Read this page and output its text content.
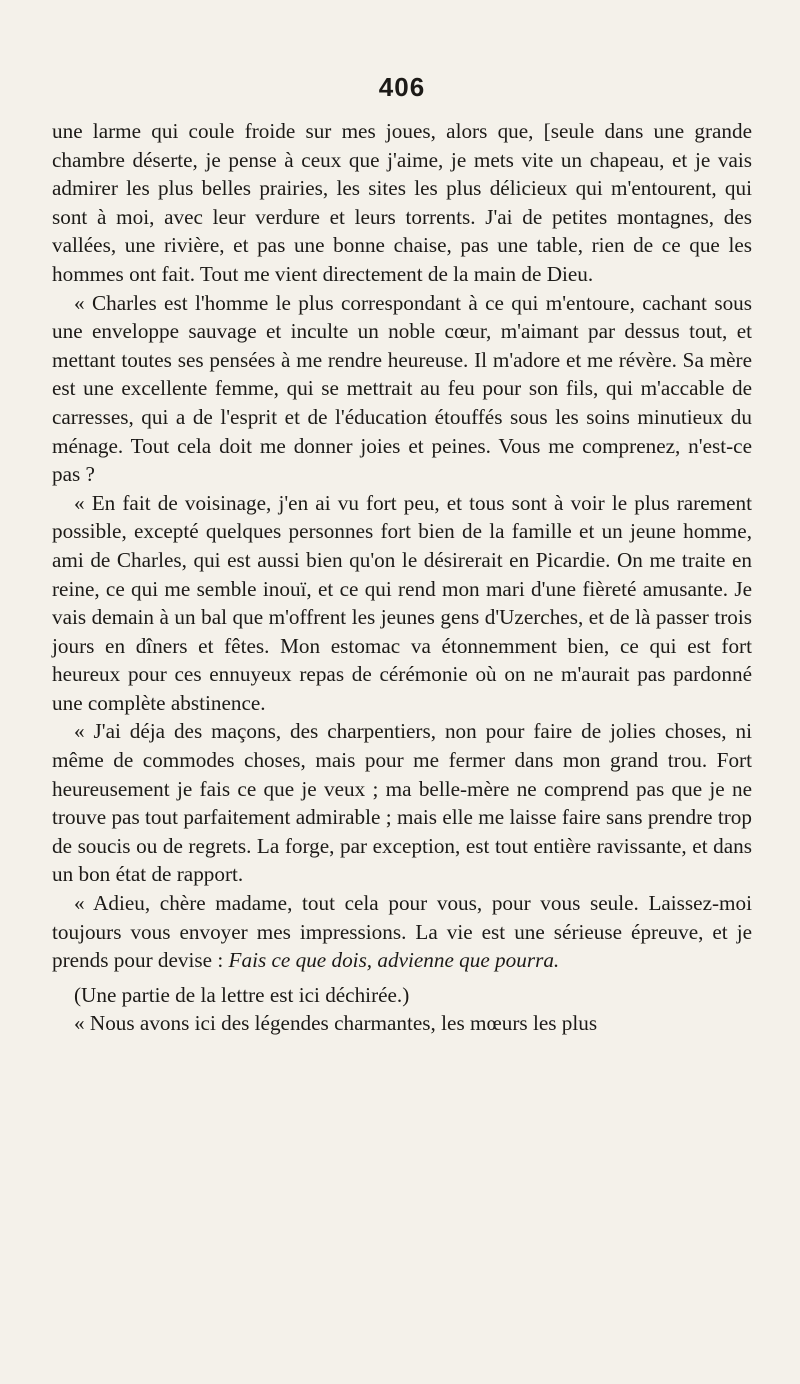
406

une larme qui coule froide sur mes joues, alors que, [seule dans une grande chambre déserte, je pense à ceux que j'aime, je mets vite un chapeau, et je vais admirer les plus belles prairies, les sites les plus délicieux qui m'entourent, qui sont à moi, avec leur verdure et leurs torrents. J'ai de petites montagnes, des vallées, une rivière, et pas une bonne chaise, pas une table, rien de ce que les hommes ont fait. Tout me vient directement de la main de Dieu.

« Charles est l'homme le plus correspondant à ce qui m'entoure, cachant sous une enveloppe sauvage et inculte un noble cœur, m'aimant par dessus tout, et mettant toutes ses pensées à me rendre heureuse. Il m'adore et me révère. Sa mère est une excellente femme, qui se mettrait au feu pour son fils, qui m'accable de carresses, qui a de l'esprit et de l'éducation étouffés sous les soins minutieux du ménage. Tout cela doit me donner joies et peines. Vous me comprenez, n'est-ce pas ?

« En fait de voisinage, j'en ai vu fort peu, et tous sont à voir le plus rarement possible, excepté quelques personnes fort bien de la famille et un jeune homme, ami de Charles, qui est aussi bien qu'on le désirerait en Picardie. On me traite en reine, ce qui me semble inouï, et ce qui rend mon mari d'une fièreté amusante. Je vais demain à un bal que m'offrent les jeunes gens d'Uzerches, et de là passer trois jours en dîners et fêtes. Mon estomac va étonnemment bien, ce qui est fort heureux pour ces ennuyeux repas de cérémonie où on ne m'aurait pas pardonné une complète abstinence.

« J'ai déja des maçons, des charpentiers, non pour faire de jolies choses, ni même de commodes choses, mais pour me fermer dans mon grand trou. Fort heureusement je fais ce que je veux ; ma belle-mère ne comprend pas que je ne trouve pas tout parfaitement admirable ; mais elle me laisse faire sans prendre trop de soucis ou de regrets. La forge, par exception, est tout entière ravissante, et dans un bon état de rapport.

« Adieu, chère madame, tout cela pour vous, pour vous seule. Laissez-moi toujours vous envoyer mes impressions. La vie est une sérieuse épreuve, et je prends pour devise : Fais ce que dois, advienne que pourra.

(Une partie de la lettre est ici déchirée.)

« Nous avons ici des légendes charmantes, les mœurs les plus
